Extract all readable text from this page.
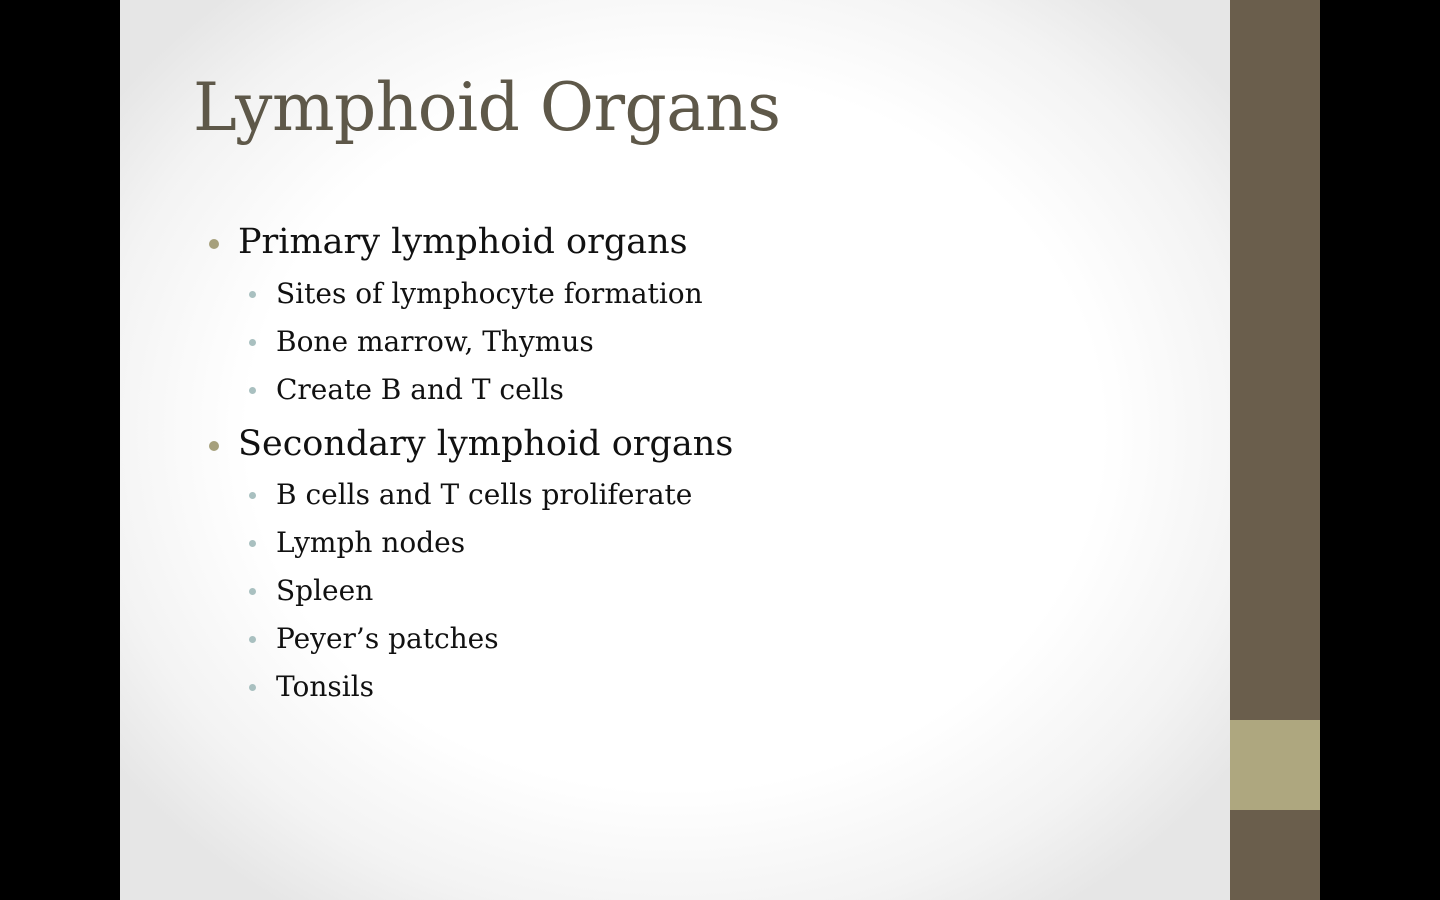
Lymphoid Organs
Primary lymphoid organs
Sites of lymphocyte formation
Bone marrow, Thymus
Create B and T cells
Secondary lymphoid organs
B cells and T cells proliferate
Lymph nodes
Spleen
Peyer’s patches
Tonsils
